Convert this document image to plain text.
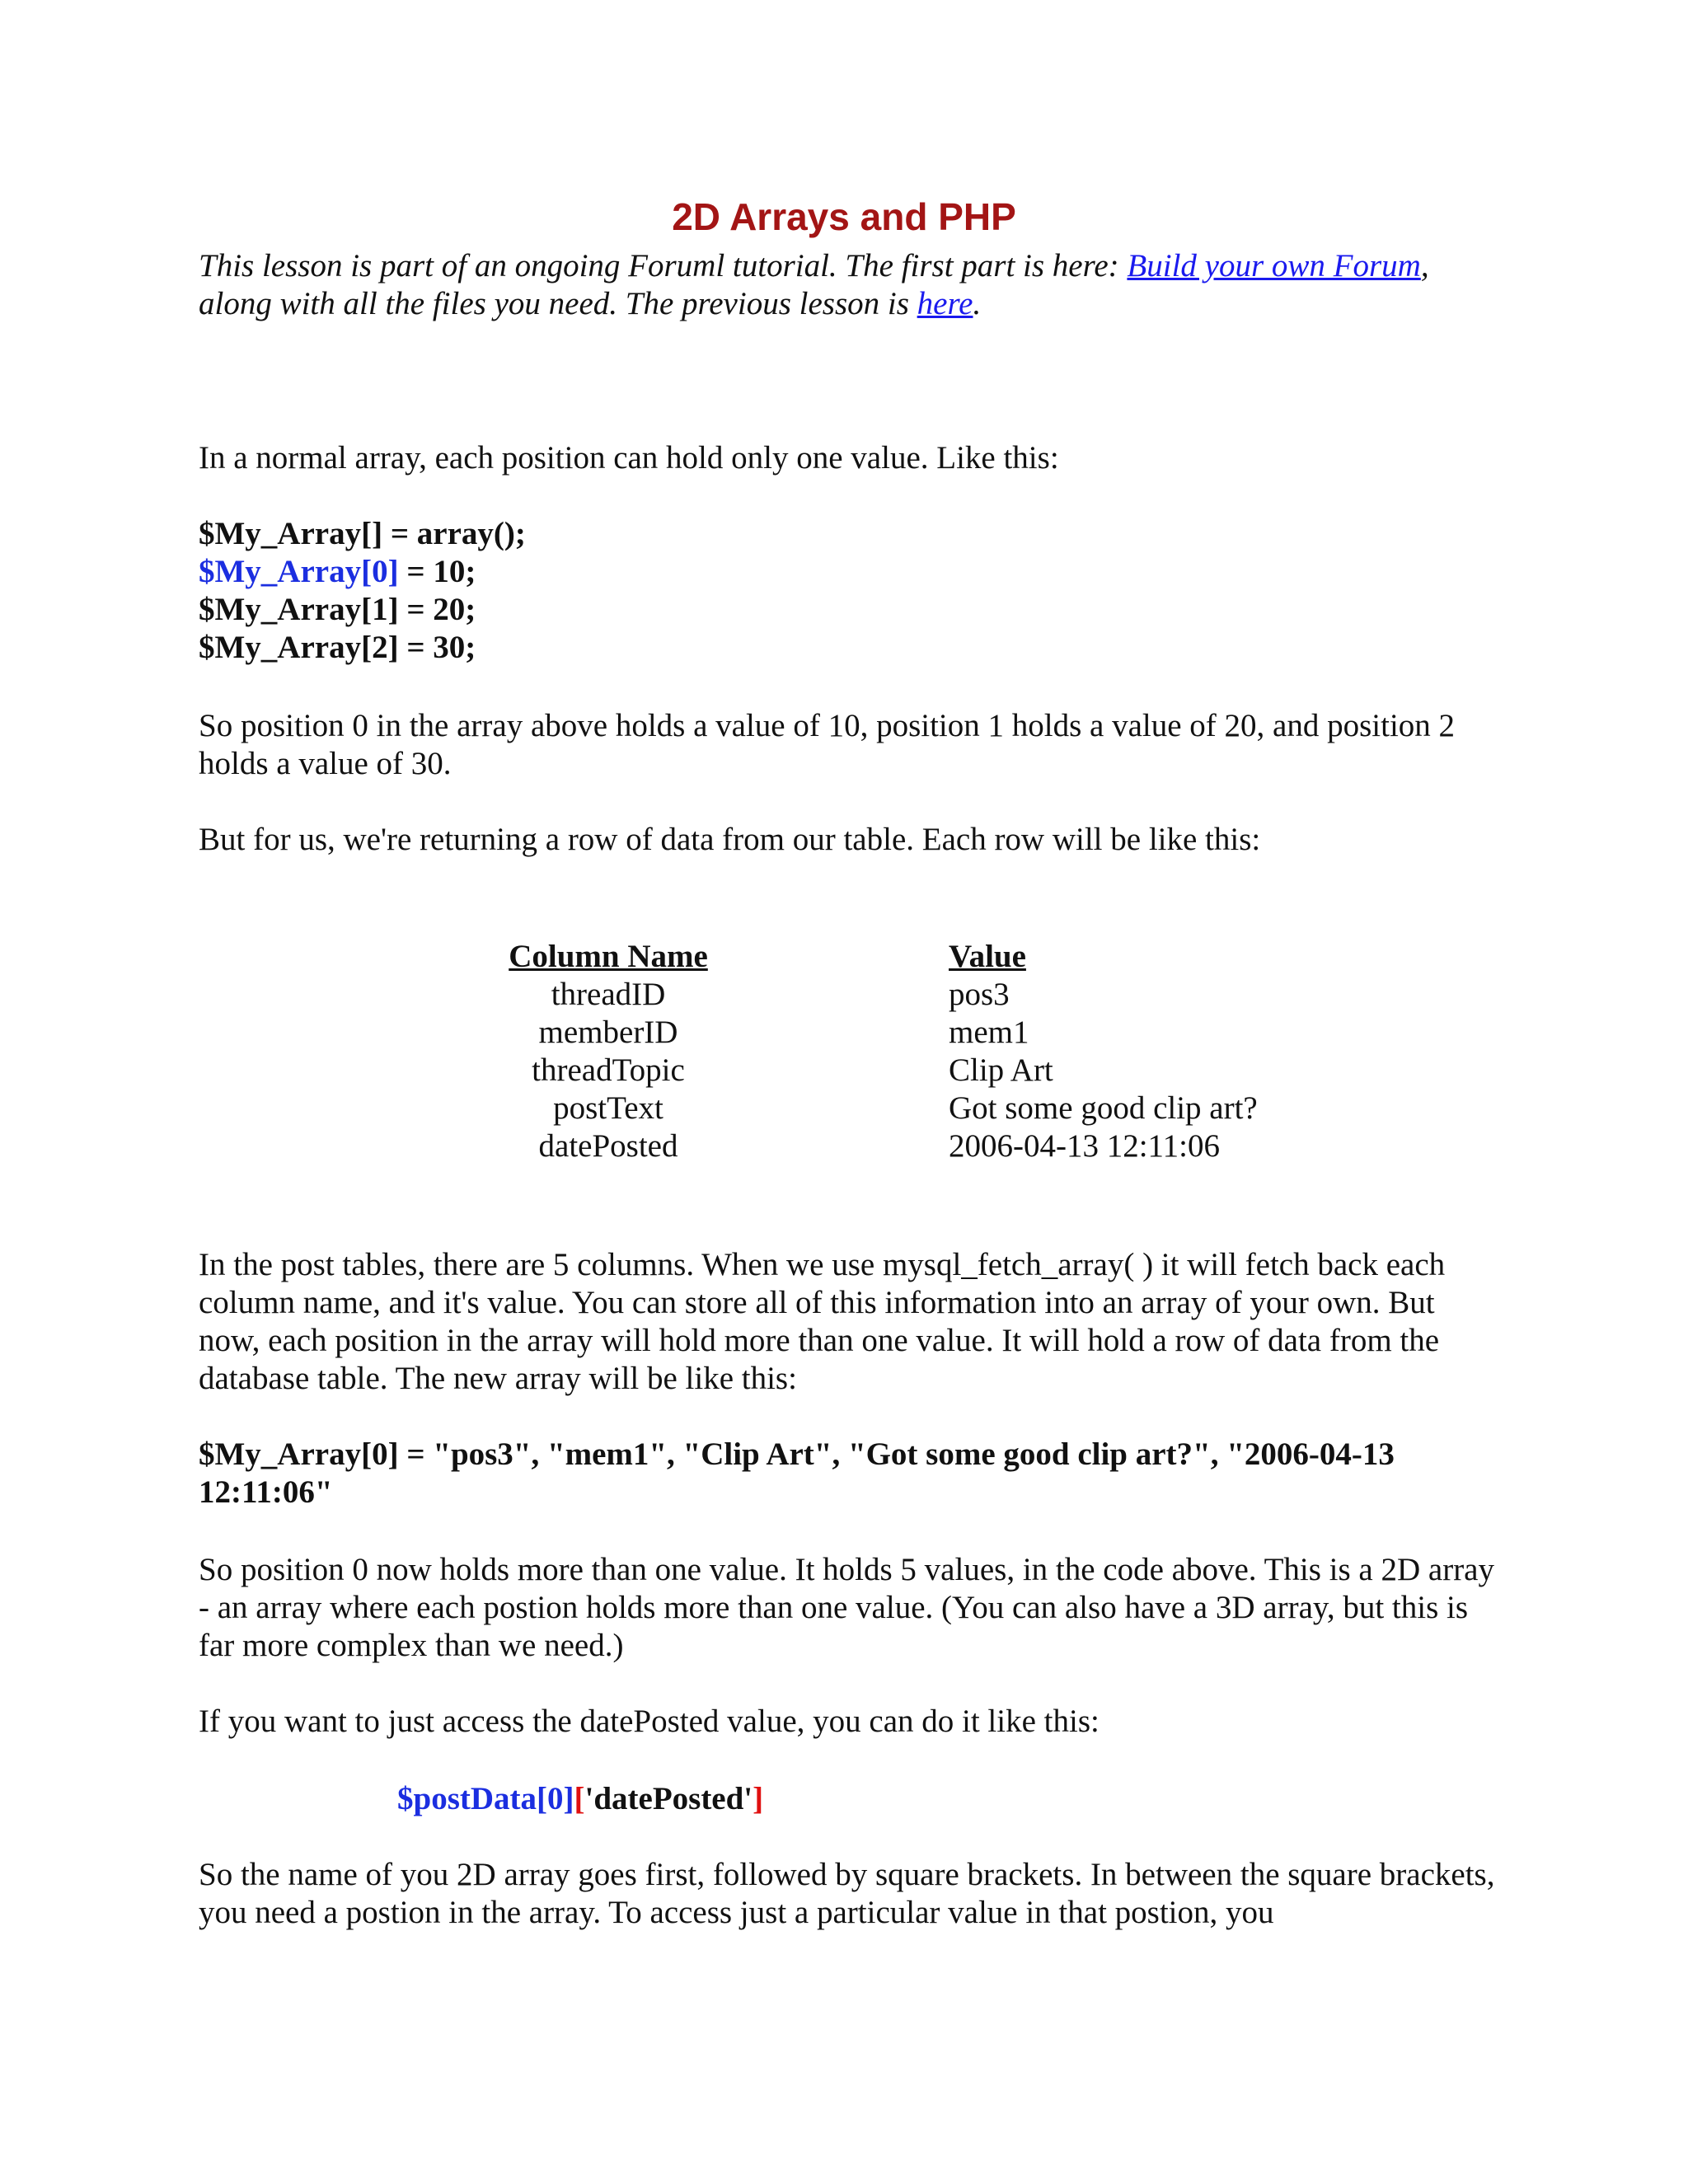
2D Arrays and PHP

This lesson is part of an ongoing Foruml tutorial. The first part is here: Build your own Forum, along with all the files you need. The previous lesson is here.

In a normal array, each position can hold only one value. Like this:

$My_Array[] = array();
$My_Array[0] = 10;
$My_Array[1] = 20;
$My_Array[2] = 30;

So position 0 in the array above holds a value of 10, position 1 holds a value of 20, and position 2 holds a value of 30.

But for us, we're returning a row of data from our table. Each row will be like this:

Column Name	Value
threadID	pos3
memberID	mem1
threadTopic	Clip Art
postText	Got some good clip art?
datePosted	2006-04-13 12:11:06

In the post tables, there are 5 columns. When we use mysql_fetch_array( ) it will fetch back each column name, and it's value. You can store all of this information into an array of your own. But now, each position in the array will hold more than one value. It will hold a row of data from the database table. The new array will be like this:

$My_Array[0] = "pos3", "mem1", "Clip Art", "Got some good clip art?", "2006-04-13 12:11:06"

So position 0 now holds more than one value. It holds 5 values, in the code above. This is a 2D array - an array where each postion holds more than one value. (You can also have a 3D array, but this is far more complex than we need.)

If you want to just access the datePosted value, you can do it like this:

$postData[0]['datePosted']

So the name of you 2D array goes first, followed by square brackets. In between the square brackets, you need a postion in the array. To access just a particular value in that postion, you
